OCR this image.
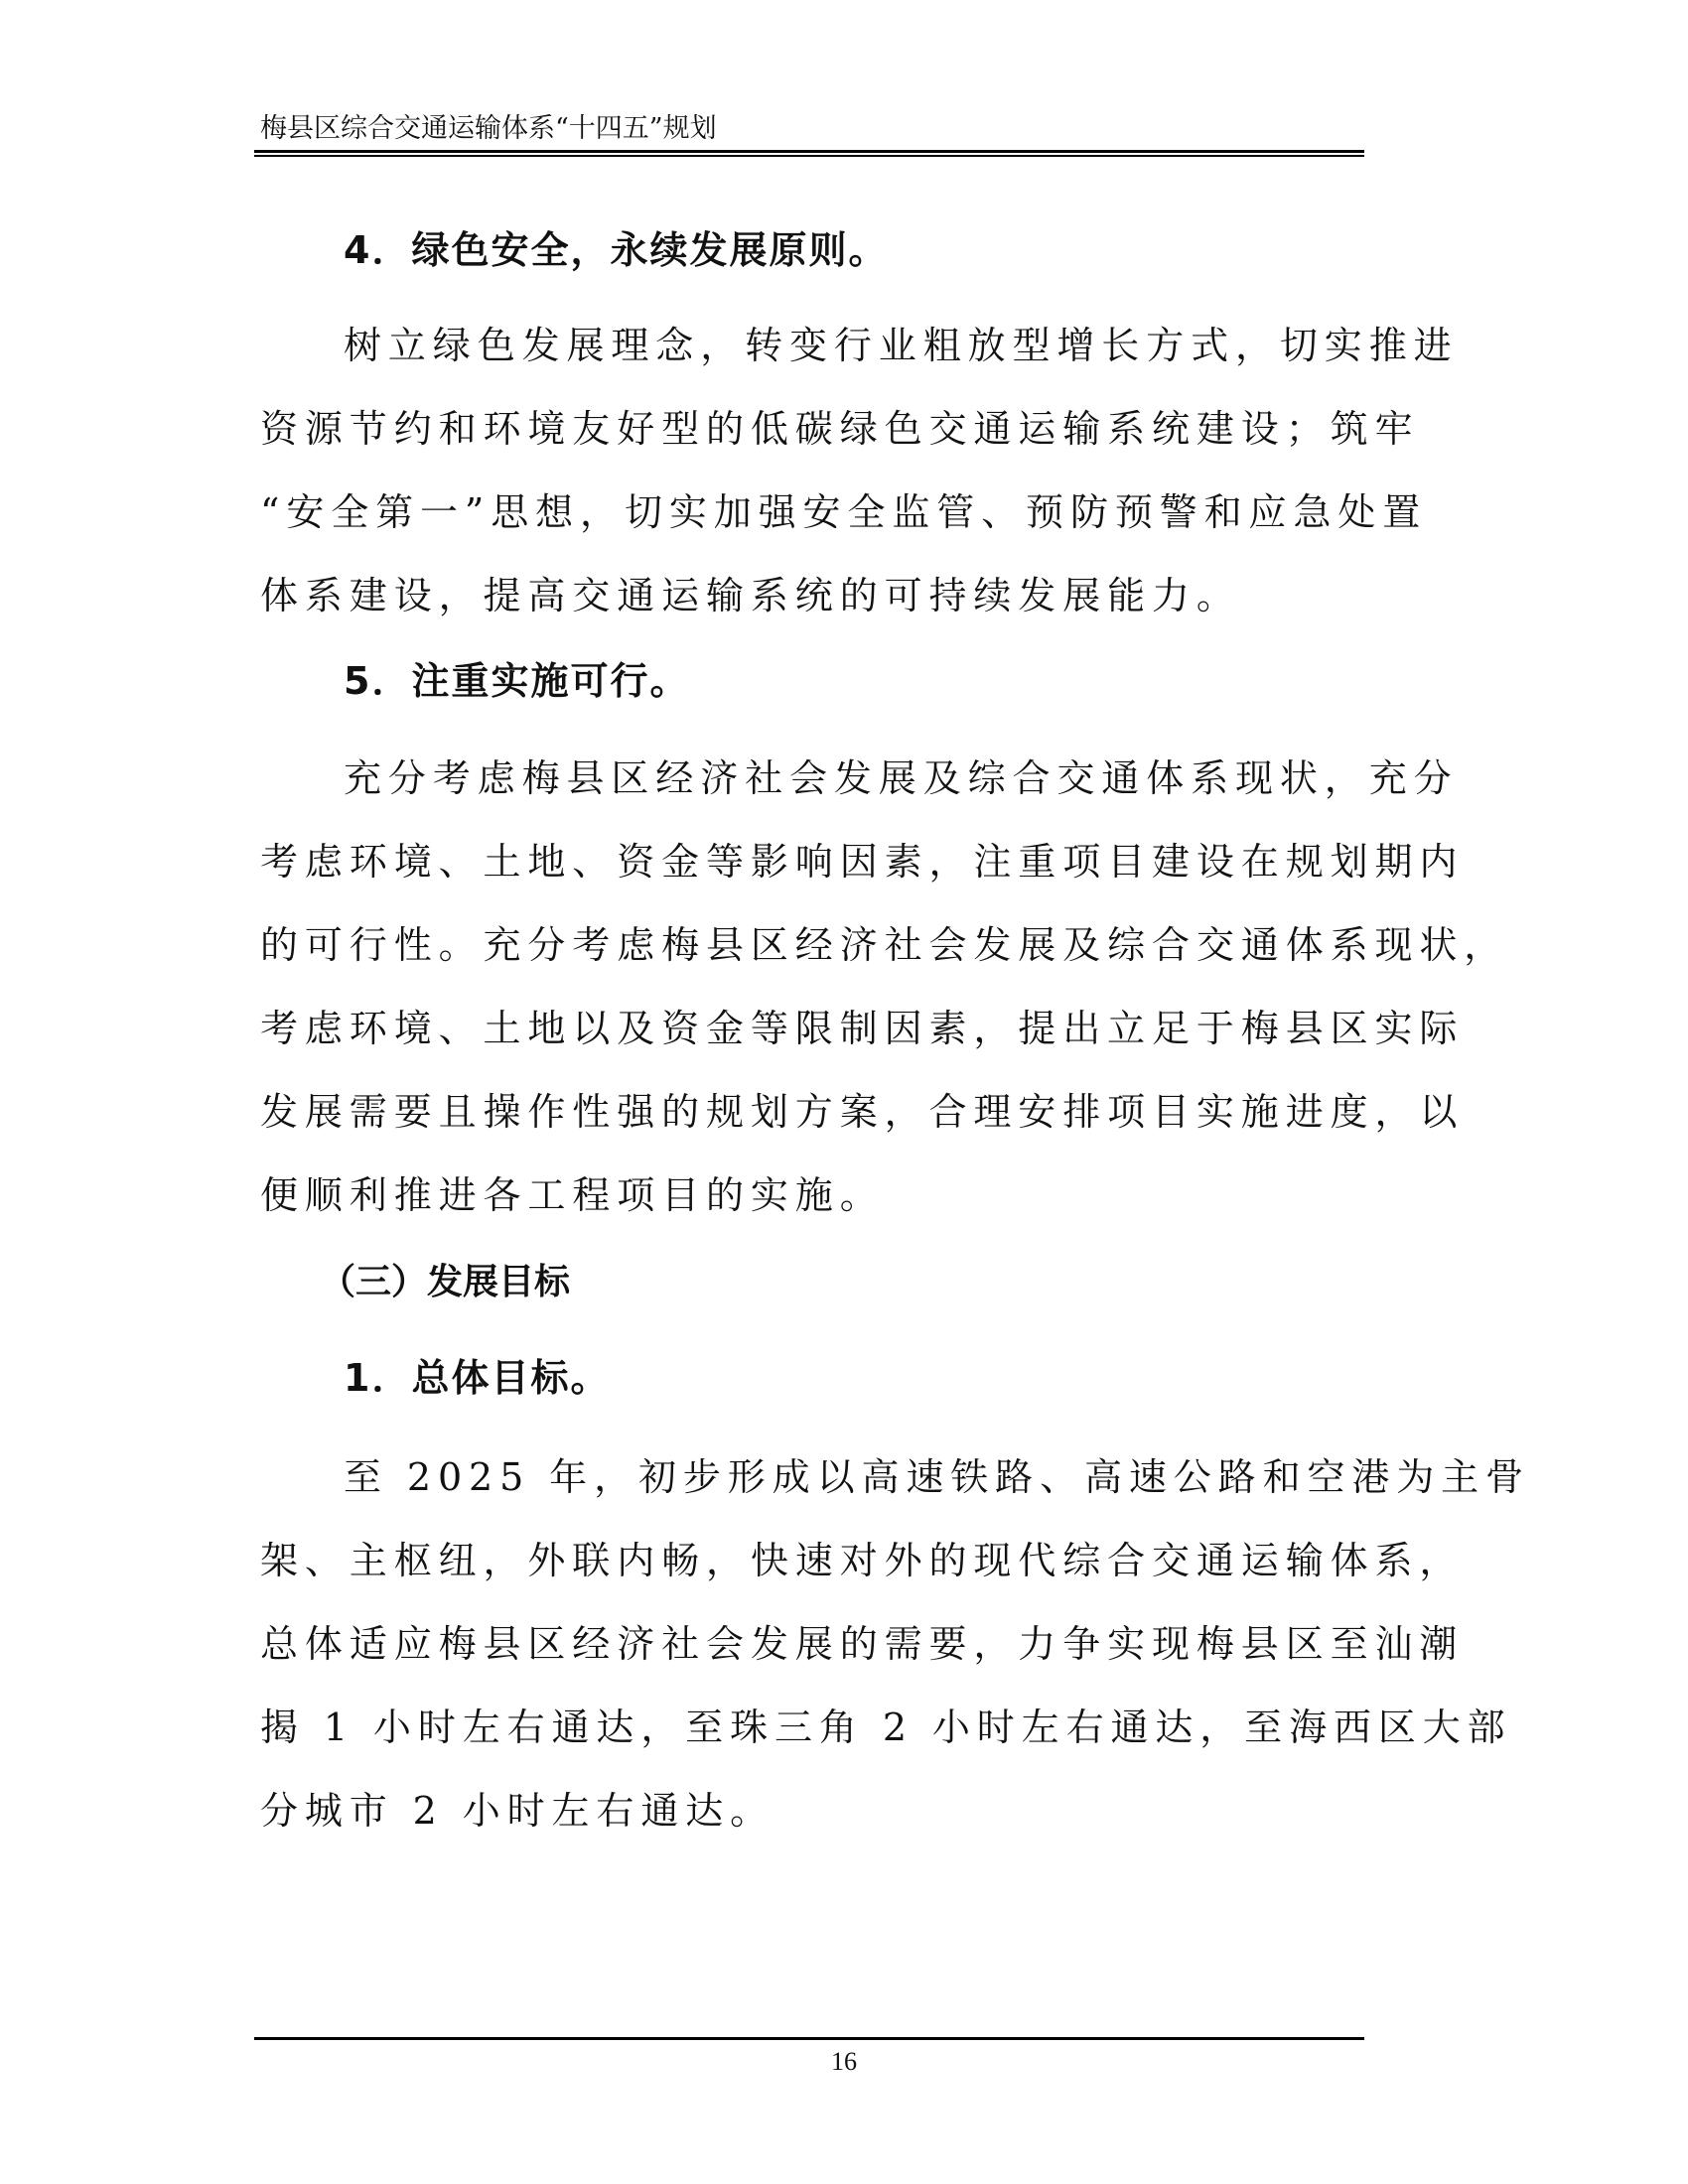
梅县区综合交通运输体系“十四五”规划
4．绿色安全，永续发展原则。
树立绿色发展理念，转变行业粗放型增长方式，切实推进
资源节约和环境友好型的低碳绿色交通运输系统建设；筑牢
“安全第一”思想，切实加强安全监管、预防预警和应急处置
体系建设，提高交通运输系统的可持续发展能力。
5．注重实施可行。
充分考虑梅县区经济社会发展及综合交通体系现状，充分
考虑环境、土地、资金等影响因素，注重项目建设在规划期内
的可行性。充分考虑梅县区经济社会发展及综合交通体系现状，
考虑环境、土地以及资金等限制因素，提出立足于梅县区实际
发展需要且操作性强的规划方案，合理安排项目实施进度，以
便顺利推进各工程项目的实施。
（三）发展目标
1．总体目标。
至 2025 年，初步形成以高速铁路、高速公路和空港为主骨
架、主枢纽，外联内畅，快速对外的现代综合交通运输体系，
总体适应梅县区经济社会发展的需要，力争实现梅县区至汕潮
揭 1 小时左右通达，至珠三角 2 小时左右通达，至海西区大部
分城市 2 小时左右通达。
16
